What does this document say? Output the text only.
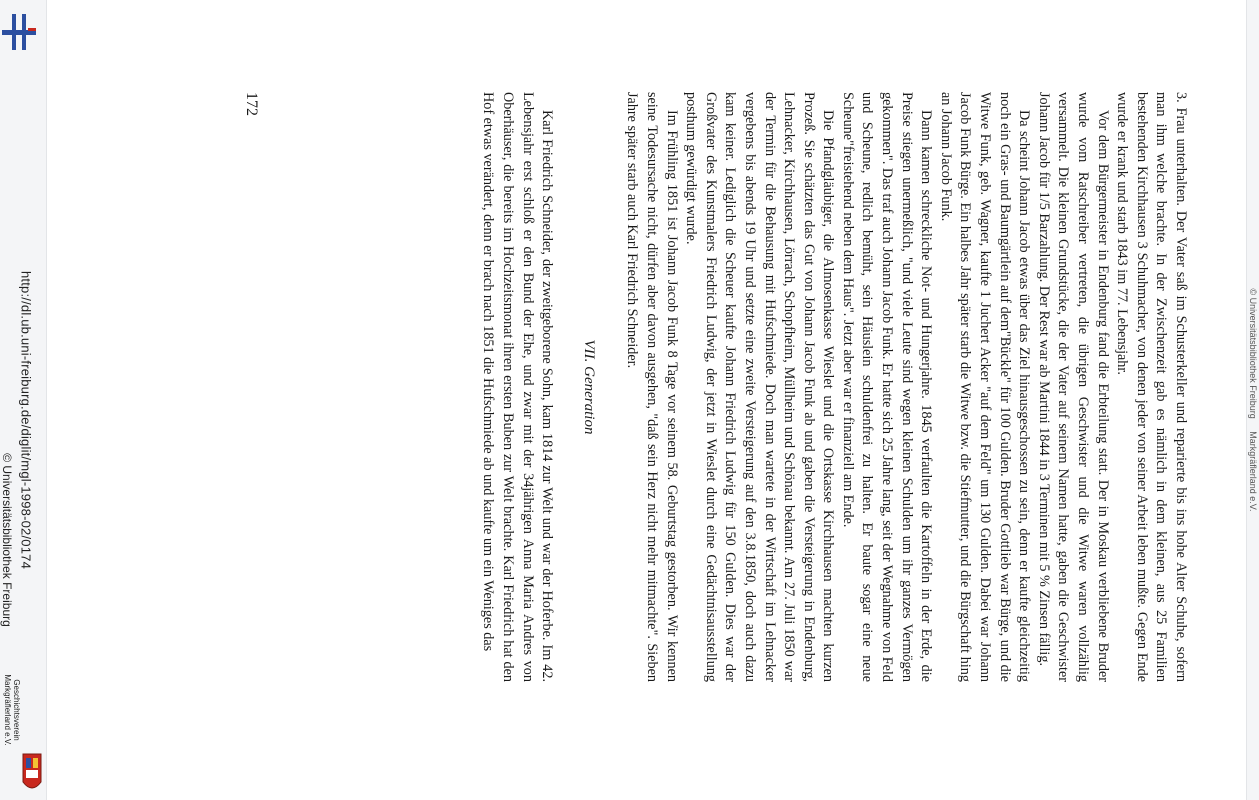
http://dl.ub.uni-freiburg.de/diglit/mgl-1998-02/0174
© Universitätsbibliothek Freiburg
Geschichtsverein
Markgräflerland e.V.
© Universitätsbibliothek Freiburg     Markgräflerland e.V.

3. Frau unterhalten. Der Vater saß im Schusterkeller und reparierte bis ins hohe Alter Schuhe, sofern man ihm welche brachte. In der Zwischenzeit gab es nämlich in dem kleinen, aus 25 Familien bestehenden Kirchhausen 3 Schuhmacher, von denen jeder von seiner Arbeit leben mußte. Gegen Ende wurde er krank und starb 1843 im 77. Lebensjahr.

Vor dem Bürgermeister in Endenburg fand die Erbteilung statt. Der in Moskau verbliebene Bruder wurde vom Ratschreiber vertreten, die übrigen Geschwister und die Witwe waren vollzählig versammelt. Die kleinen Grundstücke, die der Vater auf seinem Namen hatte, gaben die Geschwister Johann Jacob für 1/5 Barzahlung. Der Rest war ab Martini 1844 in 3 Terminen mit 5 % Zinsen fällig.

Da scheint Johann Jacob etwas über das Ziel hinausgeschossen zu sein, denn er kaufte gleichzeitig noch ein Gras- und Baumgärtlein auf dem"Bückle" für 100 Gulden. Bruder Gottlieb war Bürge, und die Witwe Funk, geb. Wagner, kaufte 1 Juchert Acker "auf dem Feld" um 130 Gulden. Dabei war Johann Jacob Funk Bürge. Ein halbes Jahr später starb die Witwe bzw. die Stiefmutter, und die Bürgschaft hing an Johann Jacob Funk.

Dann kamen schreckliche Not- und Hungerjahre. 1845 verfaulten die Kartoffeln in der Erde, die Preise stiegen unermeßlich, "und viele Leute sind wegen kleinen Schulden um ihr ganzes Vermögen gekommen". Das traf auch Johann Jacob Funk. Er hatte sich 25 Jahre lang, seit der Wegnahme von Feld und Scheune, redlich bemüht, sein Häuslein schuldenfrei zu halten. Er baute sogar eine neue Scheune"freistehend neben dem Haus". Jetzt aber war er finanziell am Ende.

Die Pfandgläubiger, die Almosenkasse Wieslet und die Ortskasse Kirchhausen machten kurzen Prozeß. Sie schätzten das Gut von Johann Jacob Funk ab und gaben die Versteigerung in Endenburg, Lehnacker, Kirchhausen, Lörrach, Schopfheim, Müllheim und Schönau bekannt. Am 27. Juli 1850 war der Termin für die Behausung mit Hufschmiede. Doch man wartete in der Wirtschaft im Lehnacker vergebens bis abends 19 Uhr und setzte eine zweite Versteigerung auf den 3.8.1850, doch auch dazu kam keiner. Lediglich die Scheuer kaufte Johann Friedrich Ludwig für 150 Gulden. Dies war der Großvater des Kunstmalers Friedrich Ludwig, der jetzt in Wieslet durch eine Gedächtnisausstellung posthum gewürdigt wurde.

Im Frühling 1851 ist Johann Jacob Funk 8 Tage vor seinem 58. Geburtstag gestorben. Wir kennen seine Todesursache nicht, dürfen aber davon ausgehen, "daß sein Herz nicht mehr mitmachte". Sieben Jahre später starb auch Karl Friedrich Schneider.

VII. Generation

Karl Friedrich Schneider, der zweitgeborene Sohn, kam 1814 zur Welt und war der Hoferbe. Im 42. Lebensjahr erst schloß er den Bund der Ehe, und zwar mit der 34jährigen Anna Maria Andres von Oberhäuser, die bereits im Hochzeitsmonat ihren ersten Buben zur Welt brachte. Karl Friedrich hat den Hof etwas verändert, denn er brach nach 1851 die Hufschmiede ab und kaufte um ein Weniges das

172
